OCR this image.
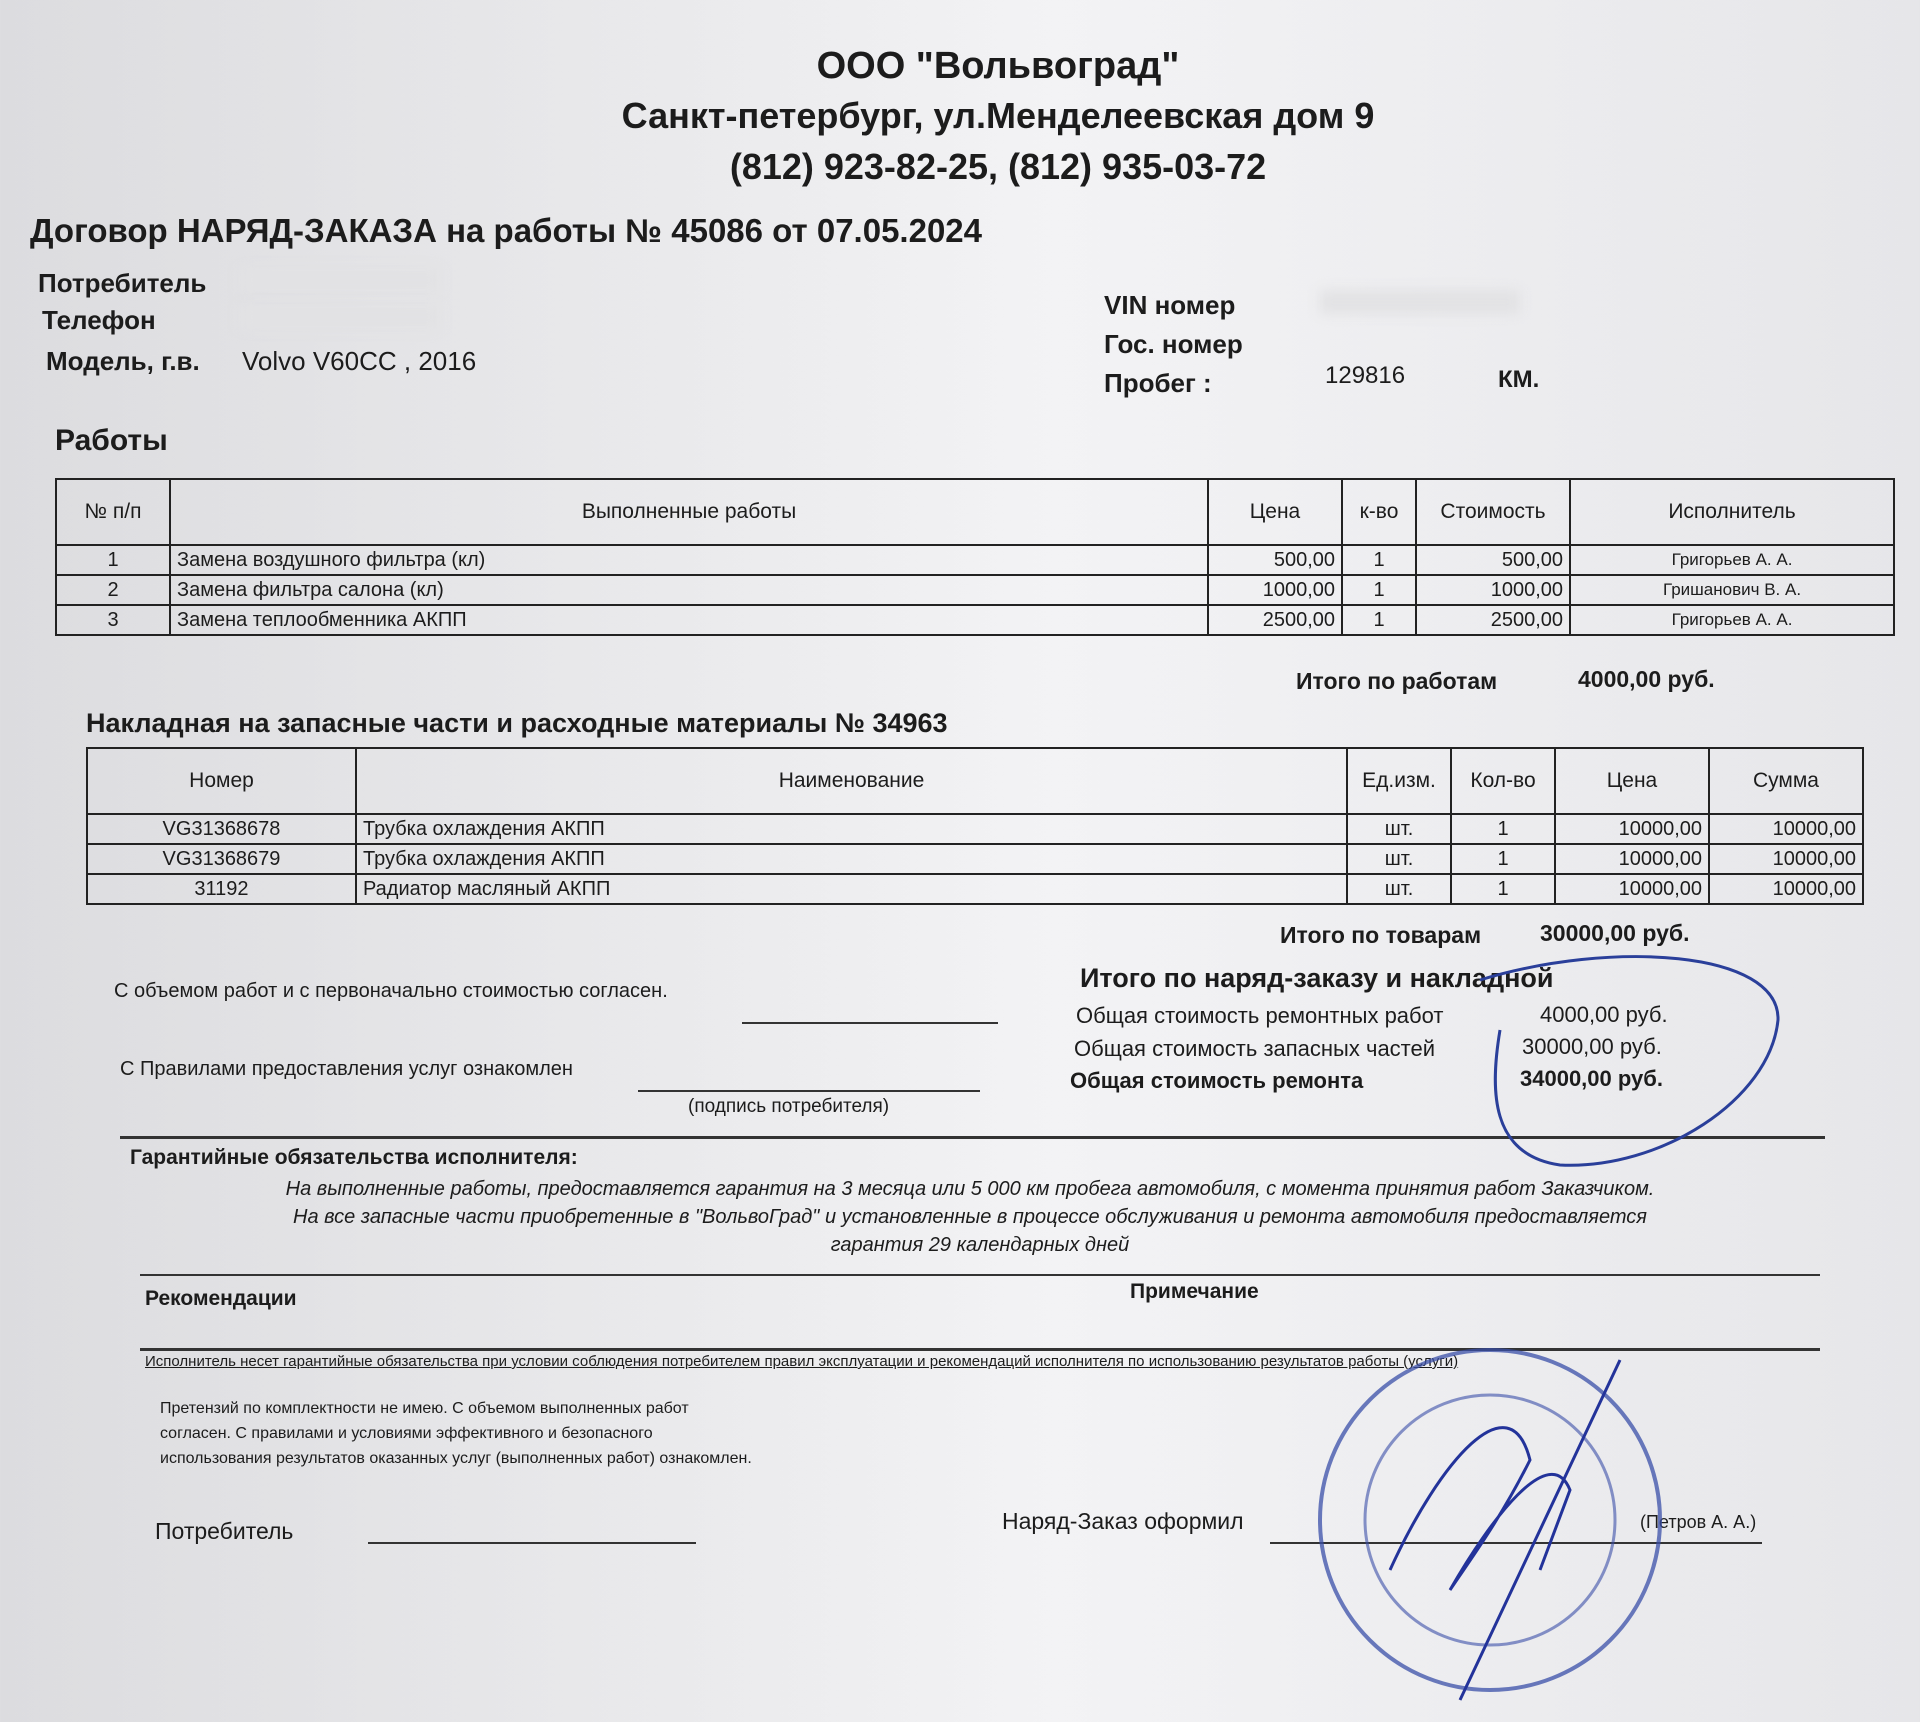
ООО "Вольвоград"
Санкт-петербург, ул.Менделеевская дом 9
(812) 923-82-25, (812) 935-03-72
Договор НАРЯД-ЗАКАЗА на работы № 45086 от 07.05.2024
Потребитель
Телефон
Модель, г.в. Volvo V60CC , 2016
VIN номер
Гос. номер
Пробег :	129816	КМ.
Работы
№ п/п	Выполненные работы	Цена	к-во	Стоимость	Исполнитель
1	Замена воздушного фильтра (кл)	500,00	1	500,00	Григорьев А. А.
2	Замена фильтра салона (кл)	1000,00	1	1000,00	Гришанович В. А.
3	Замена теплообменника АКПП	2500,00	1	2500,00	Григорьев А. А.
Итого по работам	4000,00 руб.
Накладная на запасные части и расходные материалы № 34963
Номер	Наименование	Ед.изм.	Кол-во	Цена	Сумма
VG31368678	Трубка охлаждения АКПП	шт.	1	10000,00	10000,00
VG31368679	Трубка охлаждения АКПП	шт.	1	10000,00	10000,00
31192	Радиатор масляный АКПП	шт.	1	10000,00	10000,00
Итого по товарам	30000,00 руб.
С объемом работ и с первоначально стоимостью согласен.
С Правилами предоставления услуг ознакомлен
(подпись потребителя)
Итого по наряд-заказу и накладной
Общая стоимость ремонтных работ	4000,00 руб.
Общая стоимость запасных частей	30000,00 руб.
Общая стоимость ремонта	34000,00 руб.
Гарантийные обязательства исполнителя:
На выполненные работы, предоставляется гарантия на 3 месяца или 5 000 км пробега автомобиля, с момента принятия работ Заказчиком.
На все запасные части приобретенные в "ВольвоГрад" и установленные в процессе обслуживания и ремонта автомобиля предоставляется
гарантия 29 календарных дней
Рекомендации	Примечание
Исполнитель несет гарантийные обязательства при условии соблюдения потребителем правил эксплуатации и рекомендаций исполнителя по использованию результатов работы (услуги)
Претензий по комплектности не имею. С объемом выполненных работ
согласен. С правилами и условиями эффективного и безопасного
использования результатов оказанных услуг (выполненных работ) ознакомлен.
Потребитель	Наряд-Заказ оформил	(Петров А. А.)
